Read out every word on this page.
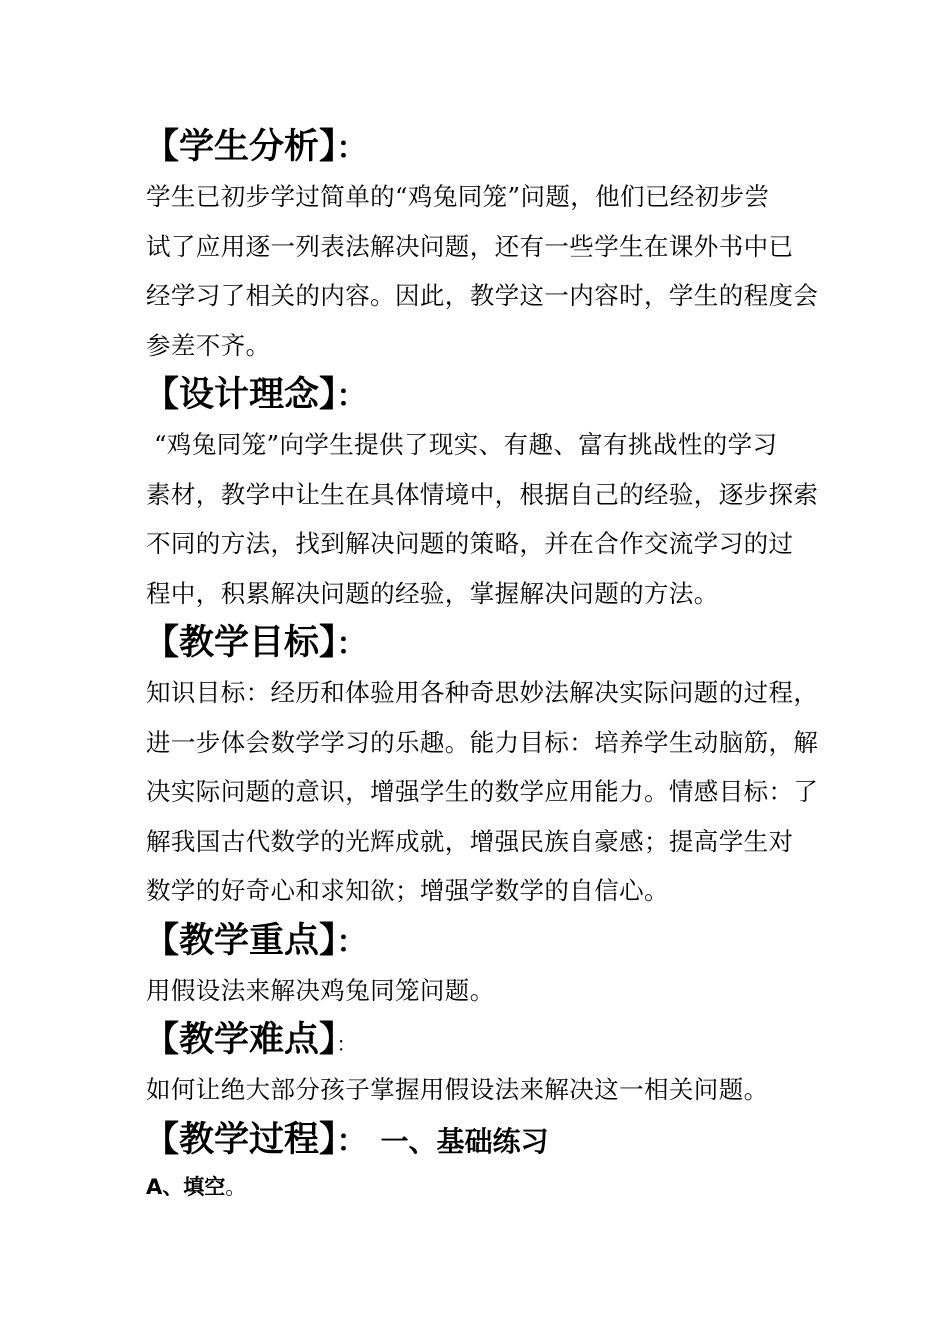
【学生分析】：
学生已初步学过简单的“鸡兔同笼”问题，他们已经初步尝
试了应用逐一列表法解决问题，还有一些学生在课外书中已
经学习了相关的内容。因此，教学这一内容时，学生的程度会
参差不齐。
【设计理念】：
“鸡兔同笼”向学生提供了现实、有趣、富有挑战性的学习
素材，教学中让生在具体情境中，根据自己的经验，逐步探索
不同的方法，找到解决问题的策略，并在合作交流学习的过
程中，积累解决问题的经验，掌握解决问题的方法。
【教学目标】：
知识目标：经历和体验用各种奇思妙法解决实际问题的过程，
进一步体会数学学习的乐趣。能力目标：培养学生动脑筋，解
决实际问题的意识，增强学生的数学应用能力。情感目标：了
解我国古代数学的光辉成就，增强民族自豪感；提高学生对
数学的好奇心和求知欲；增强学数学的自信心。
【教学重点】：
用假设法来解决鸡兔同笼问题。
【教学难点】：
如何让绝大部分孩子掌握用假设法来解决这一相关问题。
【教学过程】： 一、基础练习
A、填空。
